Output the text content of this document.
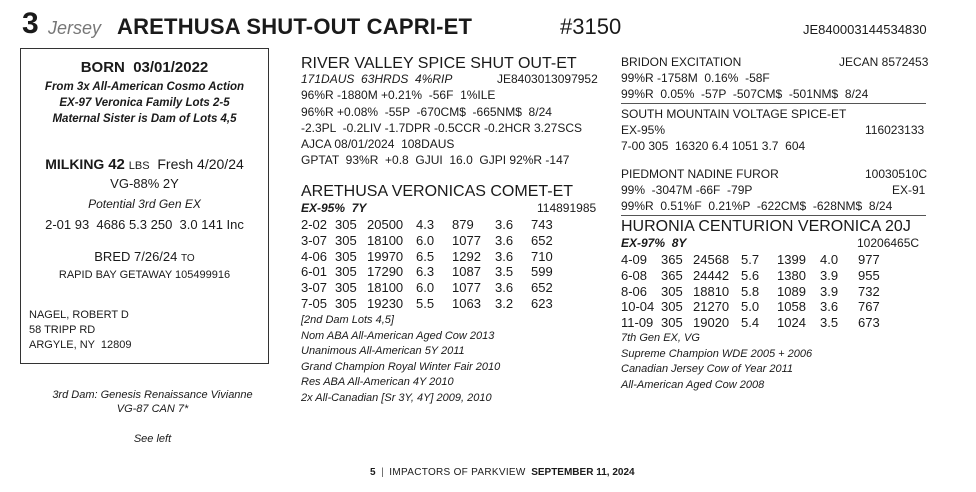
3 Jersey ARETHUSA SHUT-OUT CAPRI-ET	#3150	JE840003144534830
BORN  03/01/2022
From 3x All-American Cosmo Action
EX-97 Veronica Family Lots 2-5
Maternal Sister is Dam of Lots 4,5
MILKING 42 LBS Fresh 4/20/24
VG-88% 2Y
Potential 3rd Gen EX
2-01 93  4686 5.3 250  3.0 141 Inc
BRED 7/26/24 TO
RAPID BAY GETAWAY 105499916
NAGEL, ROBERT D
58 TRIPP RD
ARGYLE, NY  12809
3rd Dam: Genesis Renaissance Vivianne
VG-87 CAN 7*
See left
RIVER VALLEY SPICE SHUT OUT-ET
171DAUS  63HRDS  4%RIP	JE8403013097952
96%R -1880M +0.21%  -56F  1%ILE
96%R +0.08%  -55P  -670CM$  -665NM$  8/24
-2.3PL  -0.2LIV -1.7DPR -0.5CCR -0.2HCR 3.27SCS
AJCA 08/01/2024  108DAUS
GPTAT  93%R  +0.8  GJUI  16.0  GJPI 92%R -147
ARETHUSA VERONICAS COMET-ET
EX-95%  7Y	114891985
2-02 305 20500 4.3 879 3.6 743
3-07 305 18100 6.0 1077 3.6 652
4-06 305 19970 6.5 1292 3.6 710
6-01 305 17290 6.3 1087 3.5 599
3-07 305 18100 6.0 1077 3.6 652
7-05 305 19230 5.5 1063 3.2 623
[2nd Dam Lots 4,5]
Nom ABA All-American Aged Cow 2013
Unanimous All-American 5Y 2011
Grand Champion Royal Winter Fair 2010
Res ABA All-American 4Y 2010
2x All-Canadian [Sr 3Y, 4Y] 2009, 2010
BRIDON EXCITATION	JECAN 8572453
99%R -1758M  0.16%  -58F
99%R  0.05%  -57P  -507CM$  -501NM$  8/24
SOUTH MOUNTAIN VOLTAGE SPICE-ET
EX-95%	116023133
7-00 305  16320 6.4 1051 3.7  604
PIEDMONT NADINE FUROR	10030510C
99%  -3047M -66F  -79P	EX-91
99%R  0.51%F  0.21%P  -622CM$  -628NM$  8/24
HURONIA CENTURION VERONICA 20J
EX-97%  8Y	10206465C
4-09 365 24568 5.7 1399 4.0 977
6-08 365 24442 5.6 1380 3.9 955
8-06 305 18810 5.8 1089 3.9 732
10-04 305 21270 5.0 1058 3.6 767
11-09 305 19020 5.4 1024 3.5 673
7th Gen EX, VG
Supreme Champion WDE 2005 + 2006
Canadian Jersey Cow of Year 2011
All-American Aged Cow 2008
5 | IMPACTORS OF PARKVIEW SEPTEMBER 11, 2024
